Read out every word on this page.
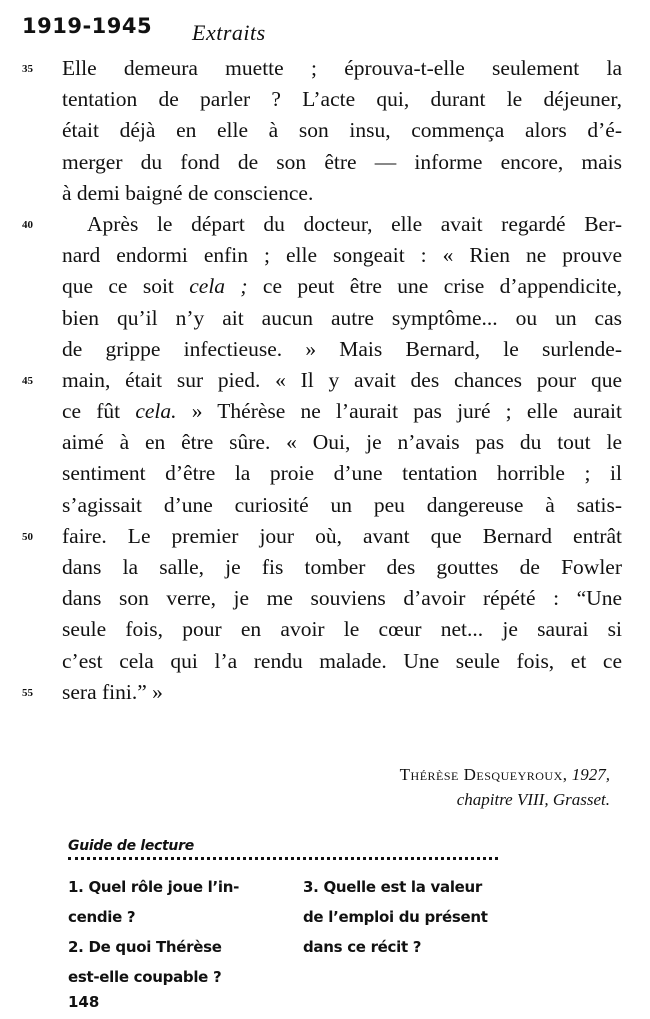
1919-1945 Extraits
35 Elle demeura muette ; éprouva-t-elle seulement la
tentation de parler ? L’acte qui, durant le déjeuner,
était déjà en elle à son insu, commença alors d’é-
merger du fond de son être — informe encore, mais
à demi baigné de conscience.
40	Après le départ du docteur, elle avait regardé Ber-
nard endormi enfin ; elle songeait : « Rien ne prouve
que ce soit cela ; ce peut être une crise d’appendicite,
bien qu’il n’y ait aucun autre symptôme... ou un cas
de grippe infectieuse. » Mais Bernard, le surlende-
45 main, était sur pied. « Il y avait des chances pour que
ce fût cela. » Thérèse ne l’aurait pas juré ; elle aurait
aimé à en être sûre. « Oui, je n’avais pas du tout le
sentiment d’être la proie d’une tentation horrible ; il
s’agissait d’une curiosité un peu dangereuse à satis-
50 faire. Le premier jour où, avant que Bernard entrât
dans la salle, je fis tomber des gouttes de Fowler
dans son verre, je me souviens d’avoir répété : “Une
seule fois, pour en avoir le cœur net... je saurai si
c’est cela qui l’a rendu malade. Une seule fois, et ce
55 sera fini.” »
Thérèse Desqueyroux, 1927,
chapitre VIII, Grasset.
Guide de lecture
1. Quel rôle joue l’in-
cendie ?
2. De quoi Thérèse
est-elle coupable ?
3. Quelle est la valeur
de l’emploi du présent
dans ce récit ?
148
